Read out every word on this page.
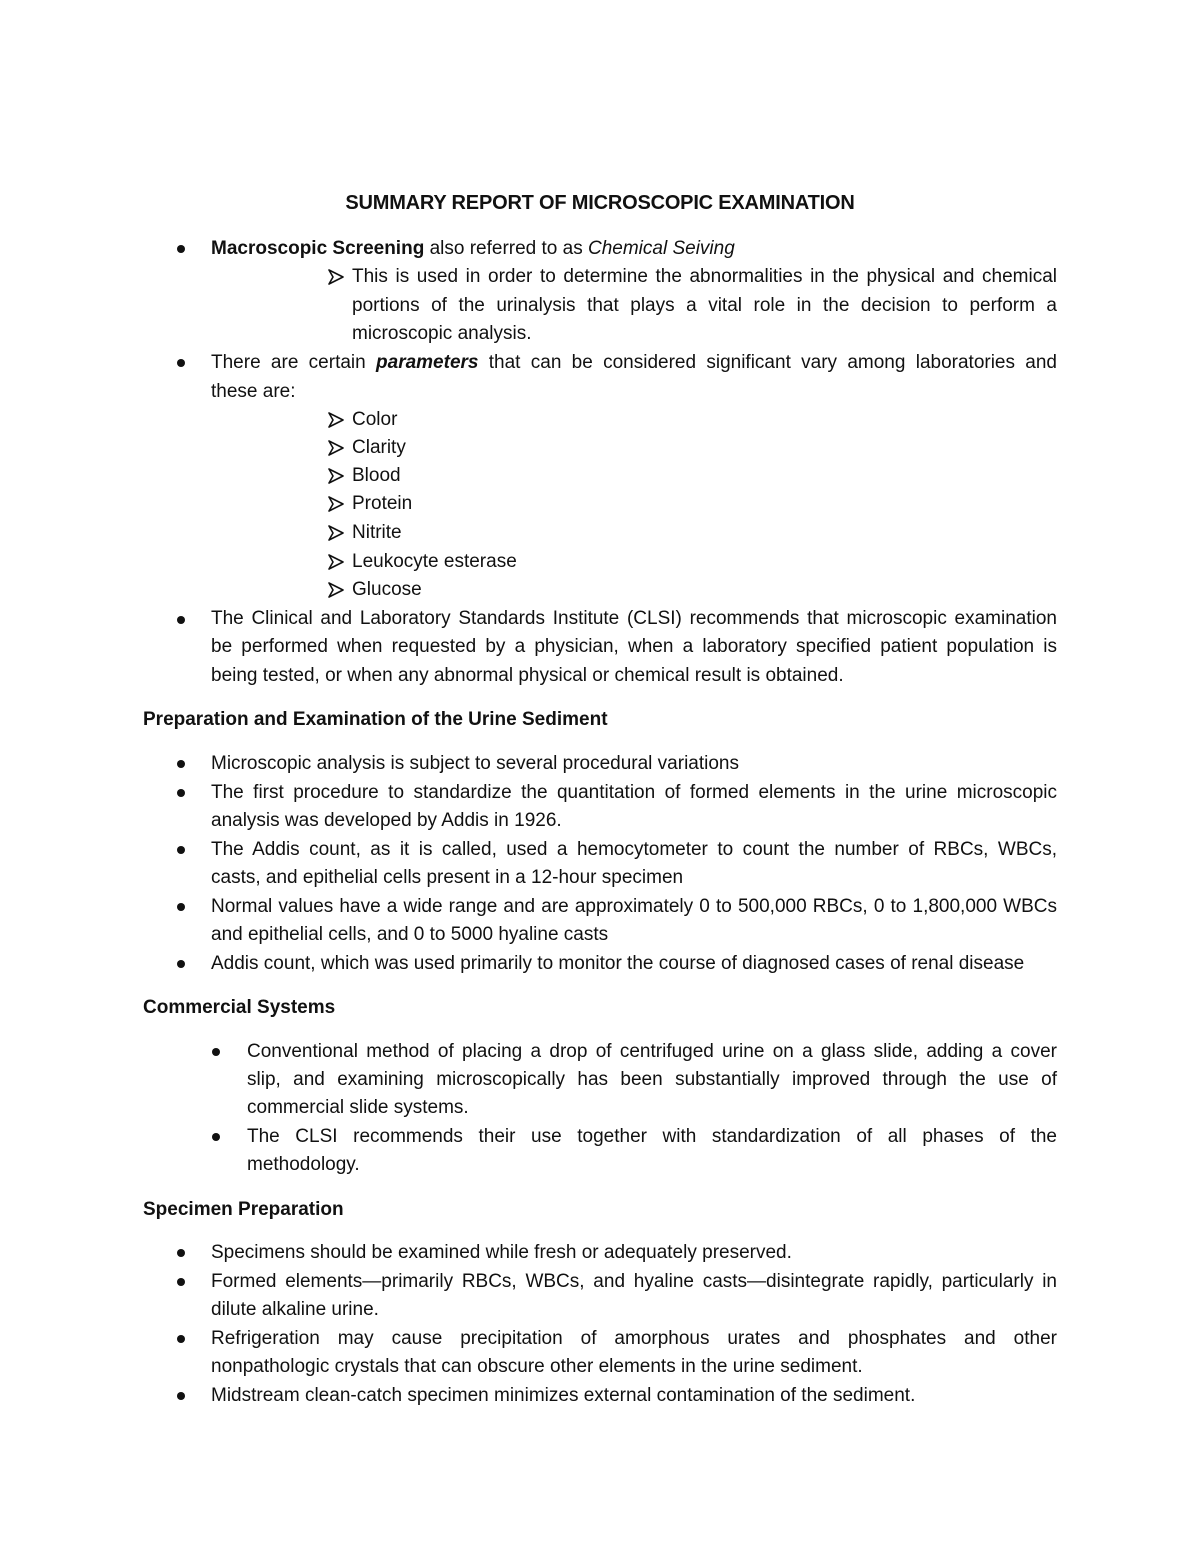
SUMMARY REPORT OF MICROSCOPIC EXAMINATION
Macroscopic Screening also referred to as Chemical Seiving
This is used in order to determine the abnormalities in the physical and chemical
portions of the urinalysis that plays a vital role in the decision to perform a
microscopic analysis.
There are certain parameters that can be considered significant vary among laboratories and
these are:
Color
Clarity
Blood
Protein
Nitrite
Leukocyte esterase
Glucose
The Clinical and Laboratory Standards Institute (CLSI) recommends that microscopic examination
be performed when requested by a physician, when a laboratory specified patient population is
being tested, or when any abnormal physical or chemical result is obtained.
Preparation and Examination of the Urine Sediment
Microscopic analysis is subject to several procedural variations
The first procedure to standardize the quantitation of formed elements in the urine microscopic
analysis was developed by Addis in 1926.
The Addis count, as it is called, used a hemocytometer to count the number of RBCs, WBCs,
casts, and epithelial cells present in a 12-hour specimen
Normal values have a wide range and are approximately 0 to 500,000 RBCs, 0 to 1,800,000 WBCs
and epithelial cells, and 0 to 5000 hyaline casts
Addis count, which was used primarily to monitor the course of diagnosed cases of renal disease
Commercial Systems
Conventional method of placing a drop of centrifuged urine on a glass slide, adding a cover
slip, and examining microscopically has been substantially improved through the use of
commercial slide systems.
The CLSI recommends their use together with standardization of all phases of the
methodology.
Specimen Preparation
Specimens should be examined while fresh or adequately preserved.
Formed elements—primarily RBCs, WBCs, and hyaline casts—disintegrate rapidly, particularly in
dilute alkaline urine.
Refrigeration may cause precipitation of amorphous urates and phosphates and other
nonpathologic crystals that can obscure other elements in the urine sediment.
Midstream clean-catch specimen minimizes external contamination of the sediment.
